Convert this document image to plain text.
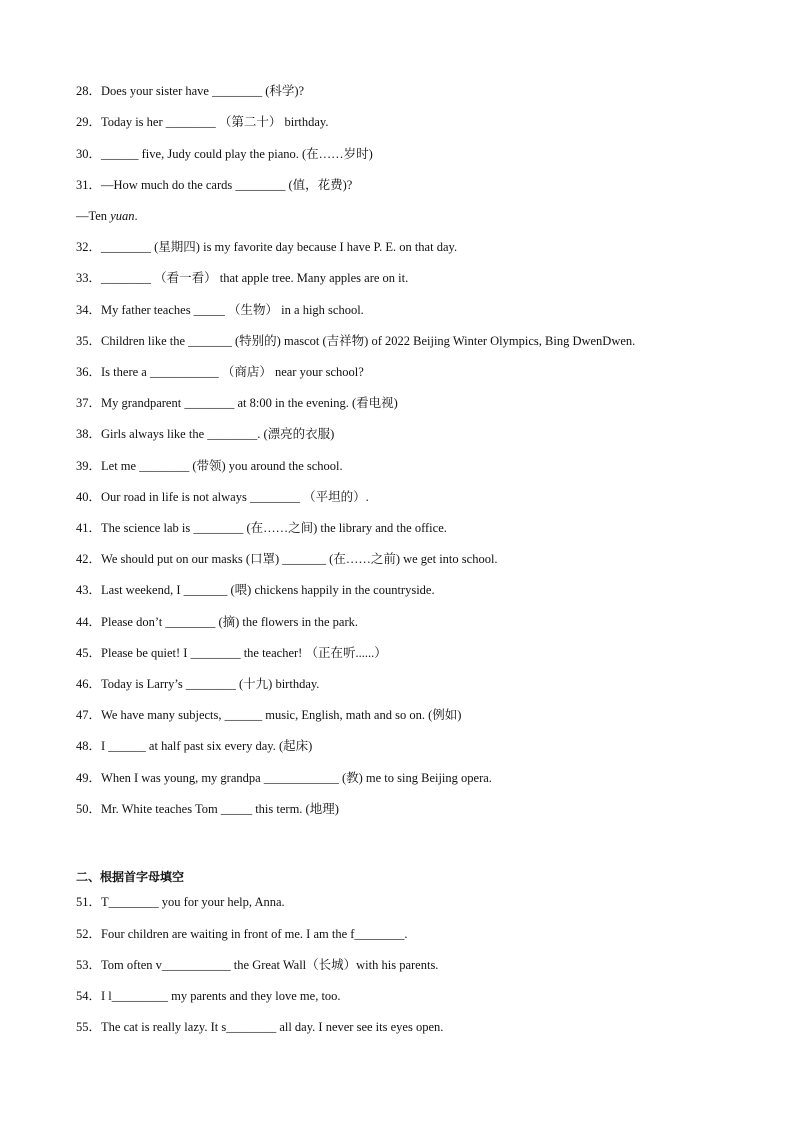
28．Does your sister have ________ (科学)?
29．Today is her ________ （第二十） birthday.
30．______ five, Judy could play the piano. (在……岁时)
31．—How much do the cards ________ (值，花费)?
—Ten yuan.
32．________ (星期四) is my favorite day because I have P. E. on that day.
33．________ （看一看） that apple tree. Many apples are on it.
34．My father teaches _____ （生物） in a high school.
35．Children like the _______ (特别的) mascot (吉祥物) of 2022 Beijing Winter Olympics, Bing DwenDwen.
36．Is there a ___________ （商店） near your school?
37．My grandparent ________ at 8:00 in the evening. (看电视)
38．Girls always like the ________. (漂亮的衣服)
39．Let me ________ (带领) you around the school.
40．Our road in life is not always ________ （平坦的）.
41．The science lab is ________ (在……之间) the library and the office.
42．We should put on our masks (口罩) _______ (在……之前) we get into school.
43．Last weekend, I _______ (喂) chickens happily in the countryside.
44．Please don’t ________ (摘) the flowers in the park.
45．Please be quiet! I ________ the teacher! （正在听......）
46．Today is Larry’s ________ (十九) birthday.
47．We have many subjects, ______ music, English, math and so on. (例如)
48．I ______ at half past six every day. (起床)
49．When I was young, my grandpa ____________ (教) me to sing Beijing opera.
50．Mr. White teaches Tom _____ this term. (地理)
二、根据首字母填空
51．T________ you for your help, Anna.
52．Four children are waiting in front of me. I am the f________.
53．Tom often v___________ the Great Wall（长城）with his parents.
54．I l_________ my parents and they love me, too.
55．The cat is really lazy. It s________ all day. I never see its eyes open.
